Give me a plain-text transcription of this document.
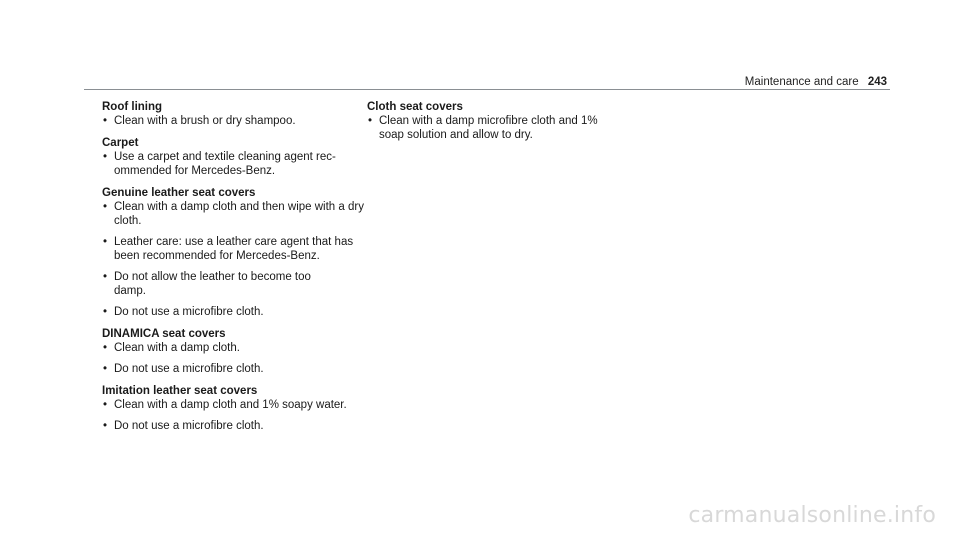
Maintenance and care 243

Roof lining

• Clean with a brush or dry shampoo.

Carpet

• Use a carpet and textile cleaning agent rec-ommended for Mercedes-Benz.

Genuine leather seat covers

• Clean with a damp cloth and then wipe with a dry cloth.
• Leather care: use a leather care agent that has been recommended for Mercedes-Benz.
• Do not allow the leather to become too damp.
• Do not use a microfibre cloth.

DINAMICA seat covers

• Clean with a damp cloth.
• Do not use a microfibre cloth.

Imitation leather seat covers

• Clean with a damp cloth and 1% soapy water.
• Do not use a microfibre cloth.

Cloth seat covers

• Clean with a damp microfibre cloth and 1% soap solution and allow to dry.
carmanualsonline.info
